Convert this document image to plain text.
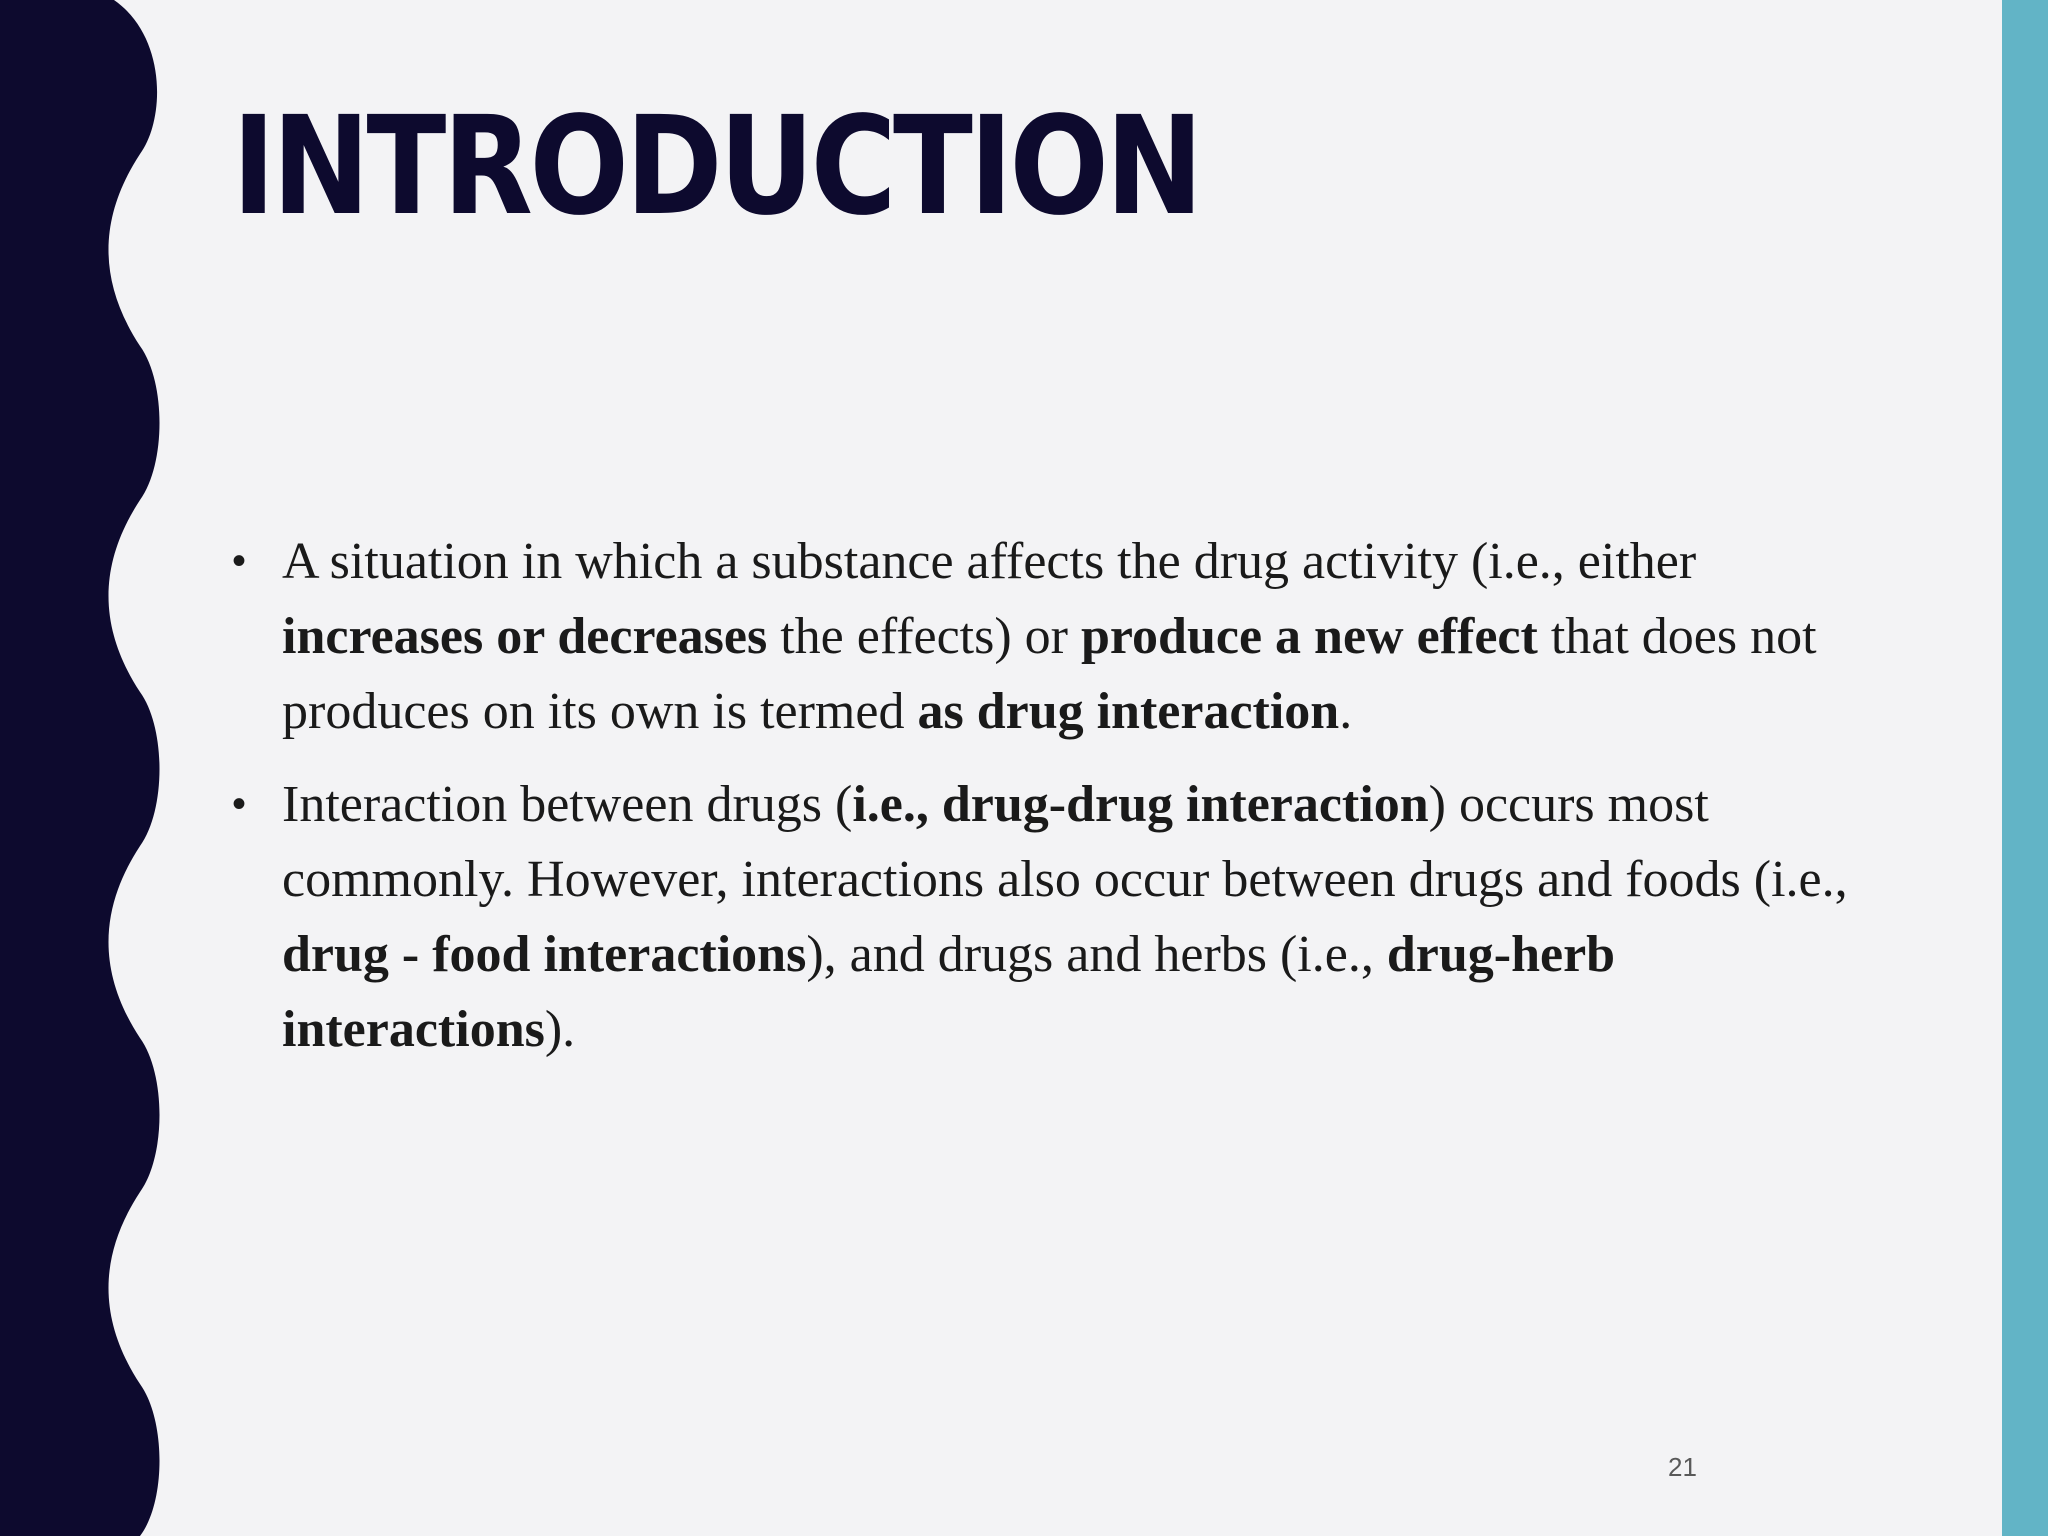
INTRODUCTION
• A situation in which a substance affects the drug activity (i.e., either increases or decreases the effects) or produce a new effect that does not produces on its own is termed as drug interaction.
• Interaction between drugs (i.e., drug-drug interaction) occurs most commonly. However, interactions also occur between drugs and foods (i.e., drug - food interactions), and drugs and herbs (i.e., drug-herb interactions).
21
